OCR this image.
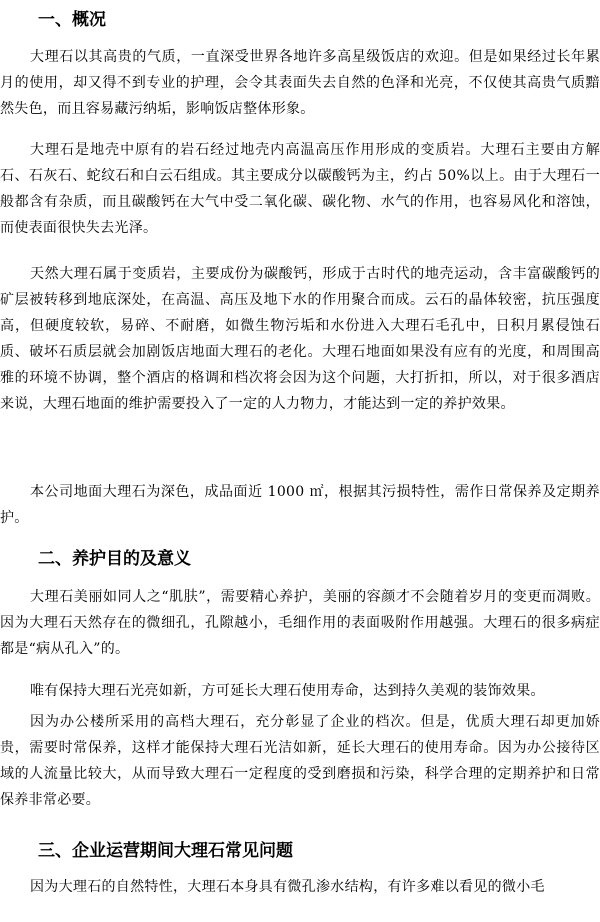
一、概况
大理石以其高贵的气质，一直深受世界各地许多高星级饭店的欢迎。但是如果经过长年累月的使用，却又得不到专业的护理，会令其表面失去自然的色泽和光亮，不仅使其高贵气质黯然失色，而且容易藏污纳垢，影响饭店整体形象。
大理石是地壳中原有的岩石经过地壳内高温高压作用形成的变质岩。大理石主要由方解石、石灰石、蛇纹石和白云石组成。其主要成分以碳酸钙为主，约占 50%以上。由于大理石一般都含有杂质，而且碳酸钙在大气中受二氧化碳、碳化物、水气的作用，也容易风化和溶蚀，而使表面很快失去光泽。
天然大理石属于变质岩，主要成份为碳酸钙，形成于古时代的地壳运动，含丰富碳酸钙的矿层被转移到地底深处，在高温、高压及地下水的作用聚合而成。云石的晶体较密，抗压强度高，但硬度较软，易碎、不耐磨，如微生物污垢和水份进入大理石毛孔中，日积月累侵蚀石质、破坏石质层就会加剧饭店地面大理石的老化。大理石地面如果没有应有的光度，和周围高雅的环境不协调，整个酒店的格调和档次将会因为这个问题，大打折扣，所以，对于很多酒店来说，大理石地面的维护需要投入了一定的人力物力，才能达到一定的养护效果。
本公司地面大理石为深色，成品面近 1000 ㎡，根据其污损特性，需作日常保养及定期养护。
二、养护目的及意义
大理石美丽如同人之“肌肤”，需要精心养护，美丽的容颜才不会随着岁月的变更而凋败。因为大理石天然存在的微细孔，孔隙越小，毛细作用的表面吸附作用越强。大理石的很多病症都是“病从孔入”的。
唯有保持大理石光亮如新，方可延长大理石使用寿命，达到持久美观的装饰效果。
因为办公楼所采用的高档大理石，充分彰显了企业的档次。但是，优质大理石却更加娇贵，需要时常保养，这样才能保持大理石光洁如新，延长大理石的使用寿命。因为办公接待区域的人流量比较大，从而导致大理石一定程度的受到磨损和污染，科学合理的定期养护和日常保养非常必要。
三、企业运营期间大理石常见问题
因为大理石的自然特性，大理石本身具有微孔渗水结构，有许多难以看见的微小毛
